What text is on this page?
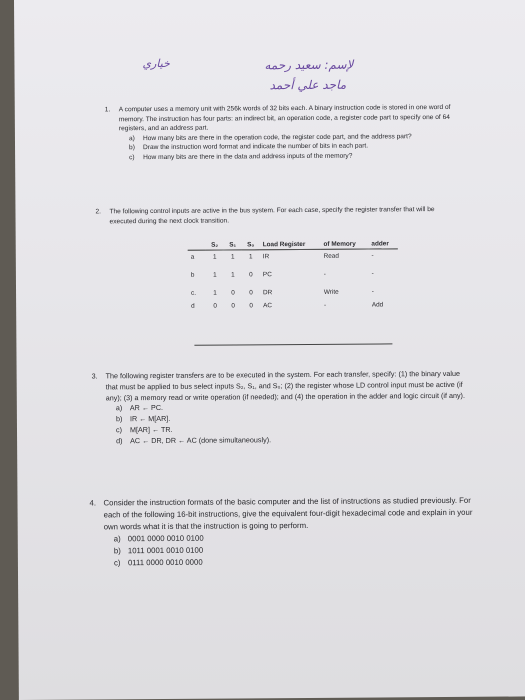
خياري	لإسم: سعيد رحمه
ماجد علي أحمد
1.	A computer uses a memory unit with 256k words of 32 bits each. A binary instruction code is stored in one word of memory. The instruction has four parts: an indirect bit, an operation code, a register code part to specify one of 64 registers, and an address part.
a) How many bits are there in the operation code, the register code part, and the address part?
b) Draw the instruction word format and indicate the number of bits in each part.
c) How many bits are there in the data and address inputs of the memory?
2.	The following control inputs are active in the bus system. For each case, specify the register transfer that will be executed during the next clock transition.
	S₂	S₁	S₀	Load Register	of Memory	adder
a	1	1	1	IR	Read	-
b	1	1	0	PC	-	-
c.	1	0	0	DR	Write	-
d	0	0	0	AC	-	Add
3.	The following register transfers are to be executed in the system. For each transfer, specify: (1) the binary value that must be applied to bus select inputs S₂, S₁, and S₀; (2) the register whose LD control input must be active (if any); (3) a memory read or write operation (if needed); and (4) the operation in the adder and logic circuit (if any).
a) AR ← PC.
b) IR ← M[AR].
c) M[AR] ← TR.
d) AC ← DR, DR ← AC (done simultaneously).
4. Consider the instruction formats of the basic computer and the list of instructions as studied previously. For each of the following 16-bit instructions, give the equivalent four-digit hexadecimal code and explain in your own words what it is that the instruction is going to perform.
a) 0001 0000 0010 0100
b) 1011 0001 0010 0100
c) 0111 0000 0010 0000
